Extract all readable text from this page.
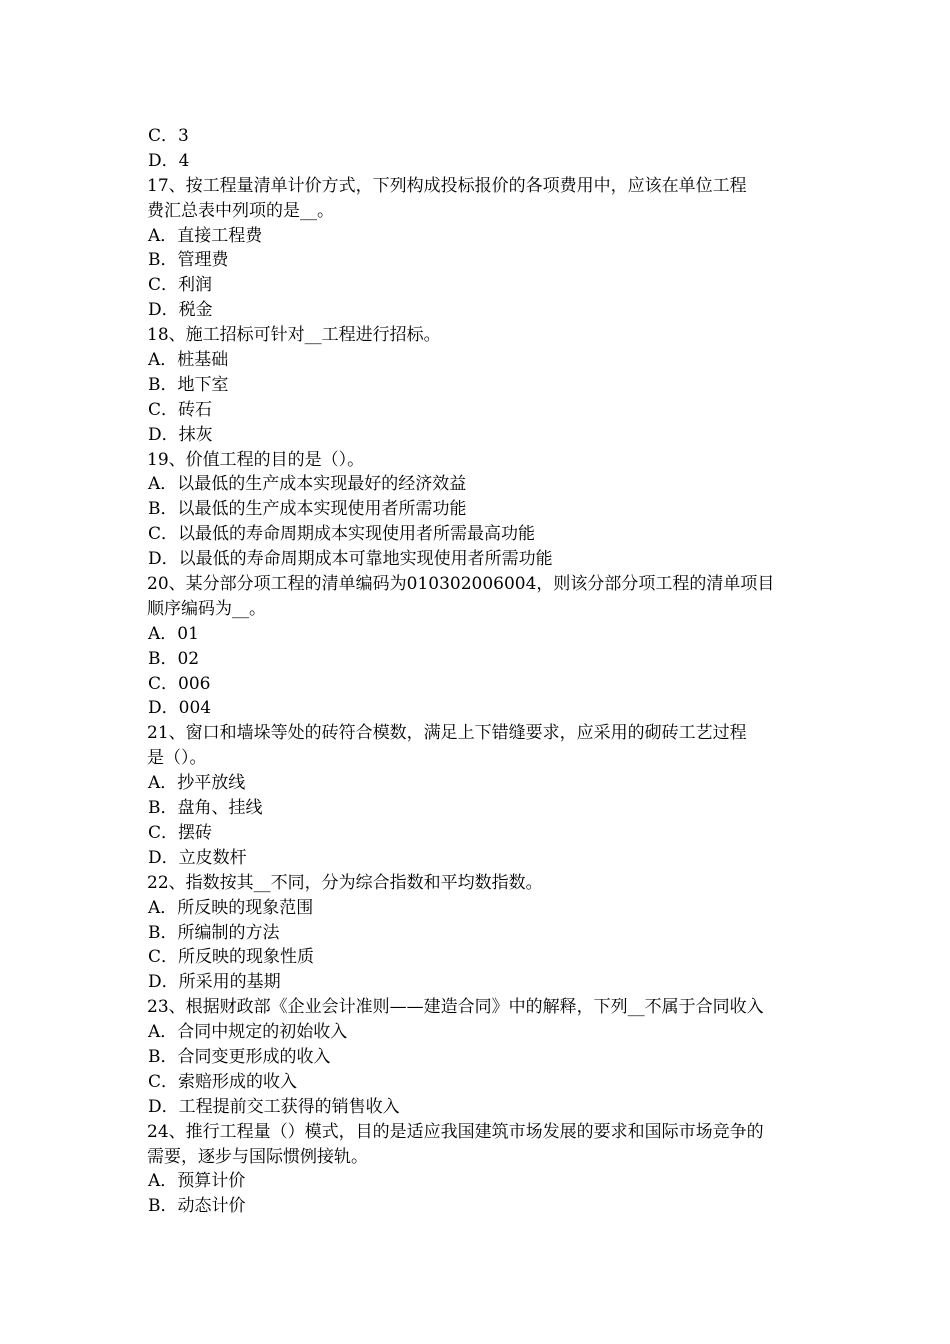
C．3
D．4
17、按工程量清单计价方式，下列构成投标报价的各项费用中，应该在单位工程
费汇总表中列项的是__。
A．直接工程费
B．管理费
C．利润
D．税金
18、施工招标可针对__工程进行招标。
A．桩基础
B．地下室
C．砖石
D．抹灰
19、价值工程的目的是（）。
A．以最低的生产成本实现最好的经济效益
B．以最低的生产成本实现使用者所需功能
C．以最低的寿命周期成本实现使用者所需最高功能
D．以最低的寿命周期成本可靠地实现使用者所需功能
20、某分部分项工程的清单编码为010302006004，则该分部分项工程的清单项目
顺序编码为__。
A．01
B．02
C．006
D．004
21、窗口和墙垛等处的砖符合模数，满足上下错缝要求，应采用的砌砖工艺过程
是（）。
A．抄平放线
B．盘角、挂线
C．摆砖
D．立皮数杆
22、指数按其__不同，分为综合指数和平均数指数。
A．所反映的现象范围
B．所编制的方法
C．所反映的现象性质
D．所采用的基期
23、根据财政部《企业会计准则——建造合同》中的解释，下列__不属于合同收入
A．合同中规定的初始收入
B．合同变更形成的收入
C．索赔形成的收入
D．工程提前交工获得的销售收入
24、推行工程量（）模式，目的是适应我国建筑市场发展的要求和国际市场竞争的
需要，逐步与国际惯例接轨。
A．预算计价
B．动态计价
